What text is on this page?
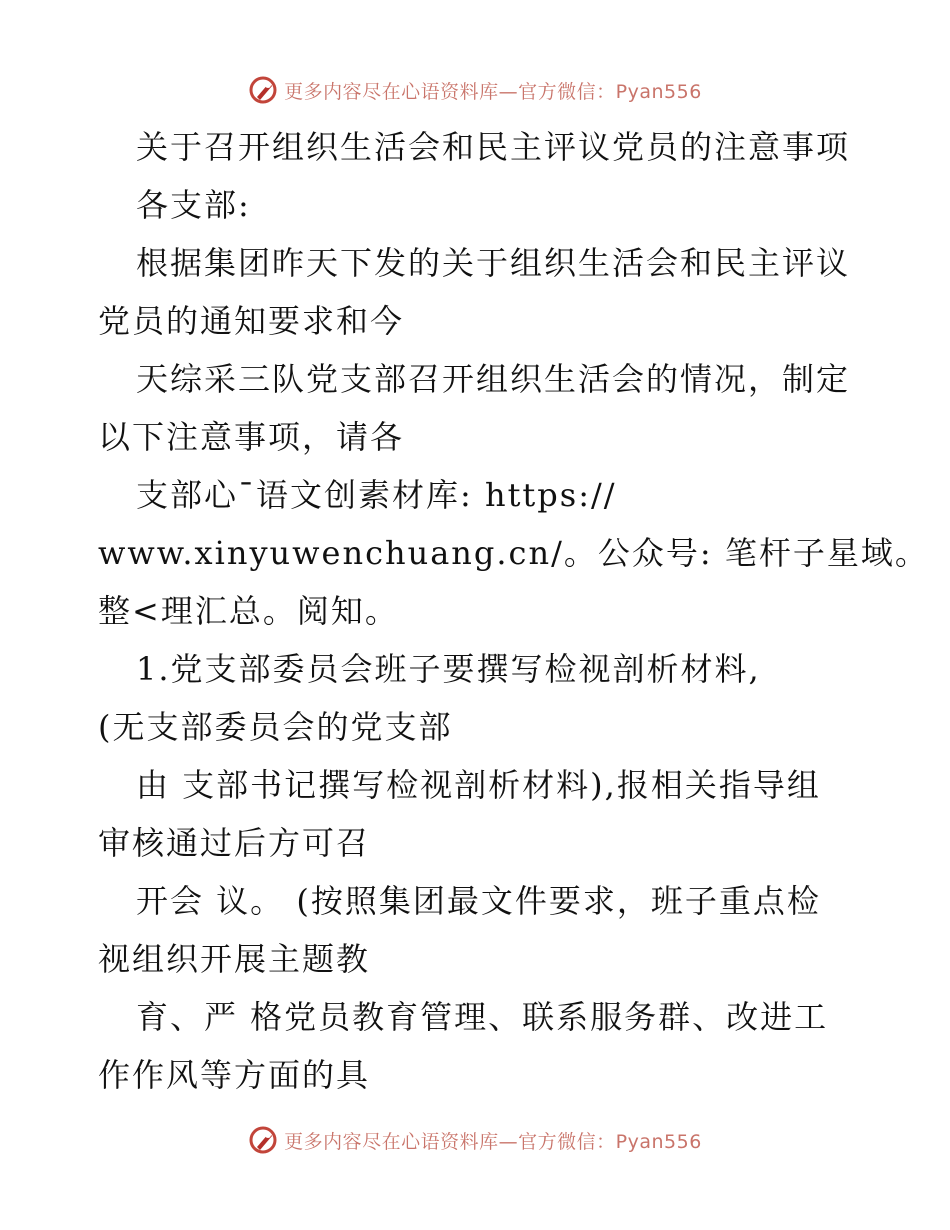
更多内容尽在心语资料库—官方微信：Pyan556
关于召开组织生活会和民主评议党员的注意事项
各支部:
根据集团昨天下发的关于组织生活会和民主评议
党员的通知要求和今
天综采三队党支部召开组织生活会的情况，制定
以下注意事项，请各
支部心¯语文创素材库: https://
www.xinyuwenchuang.cn/。公众号: 笔杆子星域。
整<理汇总。阅知。
1.党支部委员会班子要撰写检视剖析材料,
(无支部委员会的党支部
由 支部书记撰写检视剖析材料),报相关指导组
审核通过后方可召
开会 议。 (按照集团最文件要求，班子重点检
视组织开展主题教
育、严 格党员教育管理、联系服务群、改进工
作作风等方面的具
更多内容尽在心语资料库—官方微信：Pyan556
